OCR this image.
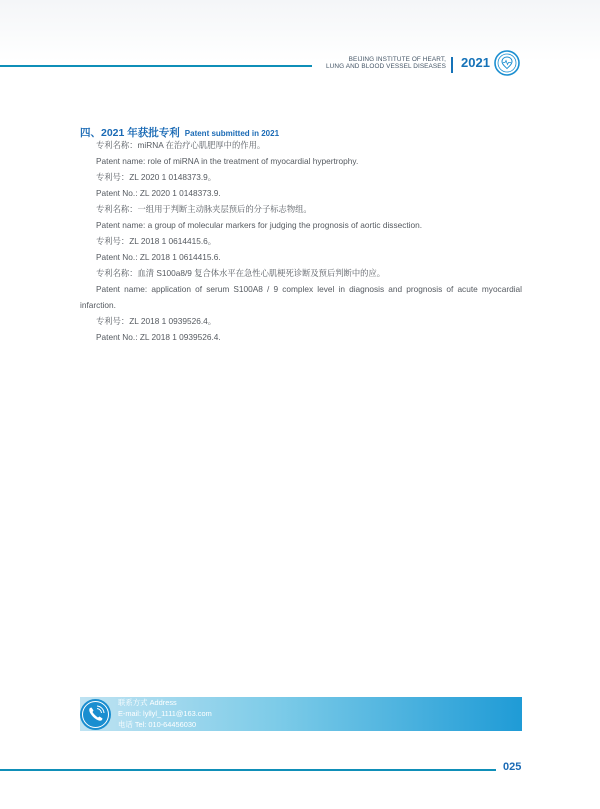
BEIJING INSTITUTE OF HEART,
LUNG AND BLOOD VESSEL DISEASES 2021
四、2021 年获批专利 Patent submitted in 2021
专利名称：miRNA 在治疗心肌肥厚中的作用。
Patent name: role of miRNA in the treatment of myocardial hypertrophy.
专利号：ZL 2020 1 0148373.9。
Patent No.: ZL 2020 1 0148373.9.
专利名称：一组用于判断主动脉夹层预后的分子标志物组。
Patent name: a group of molecular markers for judging the prognosis of aortic dissection.
专利号：ZL 2018 1 0614415.6。
Patent No.: ZL 2018 1 0614415.6.
专利名称：血清 S100a8/9 复合体水平在急性心肌梗死诊断及预后判断中的应。
Patent name: application of serum S100A8 / 9 complex level in diagnosis and prognosis of acute myocardial infarction.
专利号：ZL 2018 1 0939526.4。
Patent No.: ZL 2018 1 0939526.4.
联系方式 Address
E-mail: lyllyl_1111@163.com
电话 Tel: 010-64456030
025
